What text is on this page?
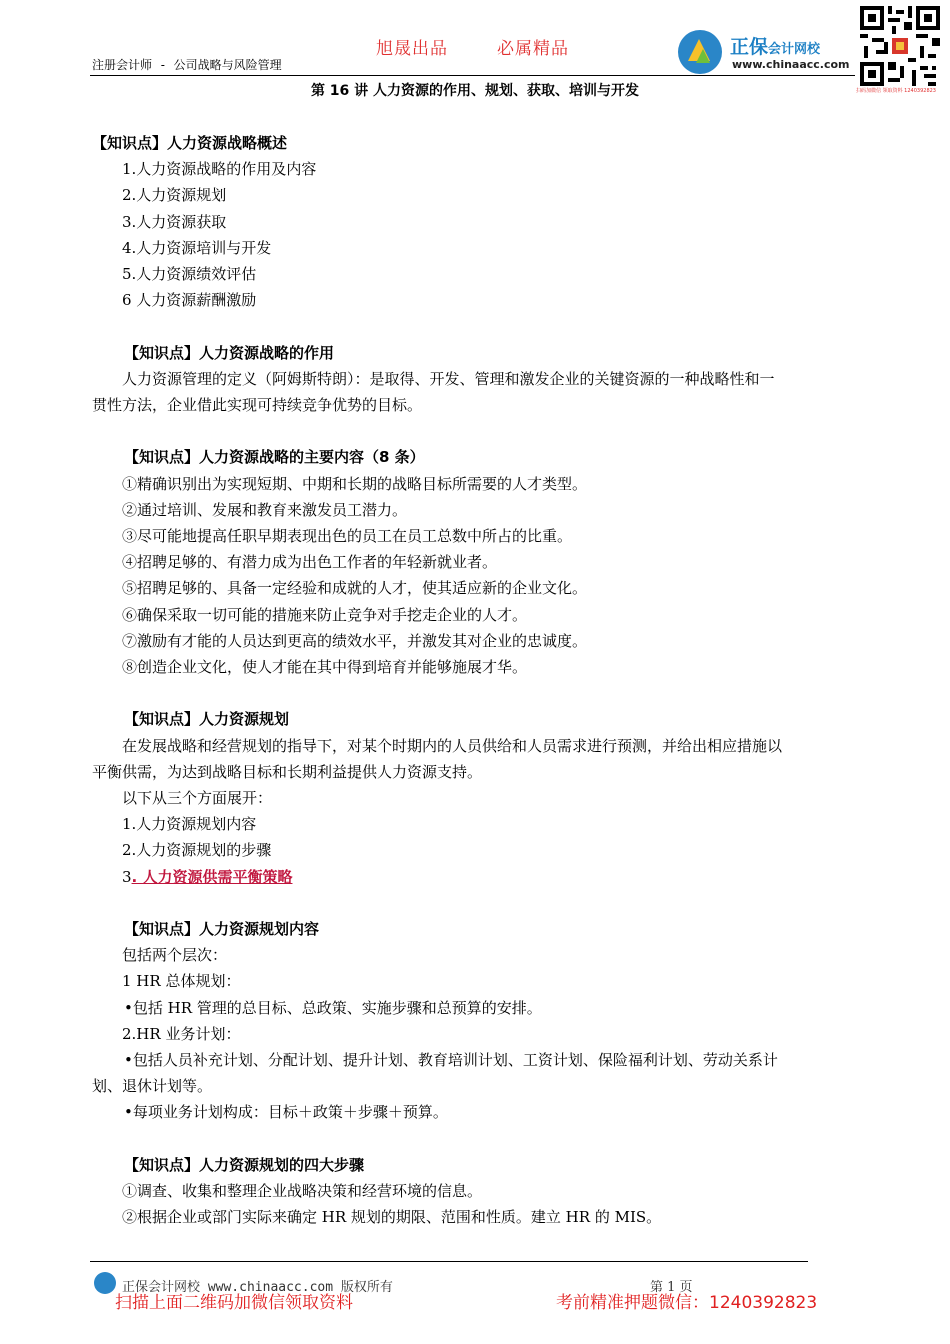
旭晟出品	必属精品
注册会计师 - 公司战略与风险管理
正保会计网校
www.chinaacc.com
扫码加微信 领取资料 1240392823
第 16 讲 人力资源的作用、规划、获取、培训与开发
【知识点】人力资源战略概述
1.人力资源战略的作用及内容
2.人力资源规划
3.人力资源获取
4.人力资源培训与开发
5.人力资源绩效评估
6 人力资源薪酬激励
【知识点】人力资源战略的作用
人力资源管理的定义（阿姆斯特朗）：是取得、开发、管理和激发企业的关键资源的一种战略性和一
贯性方法，企业借此实现可持续竞争优势的目标。
【知识点】人力资源战略的主要内容（8 条）
①精确识别出为实现短期、中期和长期的战略目标所需要的人才类型。
②通过培训、发展和教育来激发员工潜力。
③尽可能地提高任职早期表现出色的员工在员工总数中所占的比重。
④招聘足够的、有潜力成为出色工作者的年轻新就业者。
⑤招聘足够的、具备一定经验和成就的人才，使其适应新的企业文化。
⑥确保采取一切可能的措施来防止竞争对手挖走企业的人才。
⑦激励有才能的人员达到更高的绩效水平，并激发其对企业的忠诚度。
⑧创造企业文化，使人才能在其中得到培育并能够施展才华。
【知识点】人力资源规划
在发展战略和经营规划的指导下，对某个时期内的人员供给和人员需求进行预测，并给出相应措施以
平衡供需，为达到战略目标和长期利益提供人力资源支持。
以下从三个方面展开：
1.人力资源规划内容
2.人力资源规划的步骤
3. 人力资源供需平衡策略
【知识点】人力资源规划内容
包括两个层次：
1 HR 总体规划：
•包括 HR 管理的总目标、总政策、实施步骤和总预算的安排。
2.HR 业务计划：
•包括人员补充计划、分配计划、提升计划、教育培训计划、工资计划、保险福利计划、劳动关系计
划、退休计划等。
•每项业务计划构成：目标＋政策＋步骤＋预算。
【知识点】人力资源规划的四大步骤
①调查、收集和整理企业战略决策和经营环境的信息。
②根据企业或部门实际来确定 HR 规划的期限、范围和性质。建立 HR 的 MIS。
正保会计网校 www.chinaacc.com 版权所有	第 1 页
扫描上面二维码加微信领取资料	考前精准押题微信：1240392823
